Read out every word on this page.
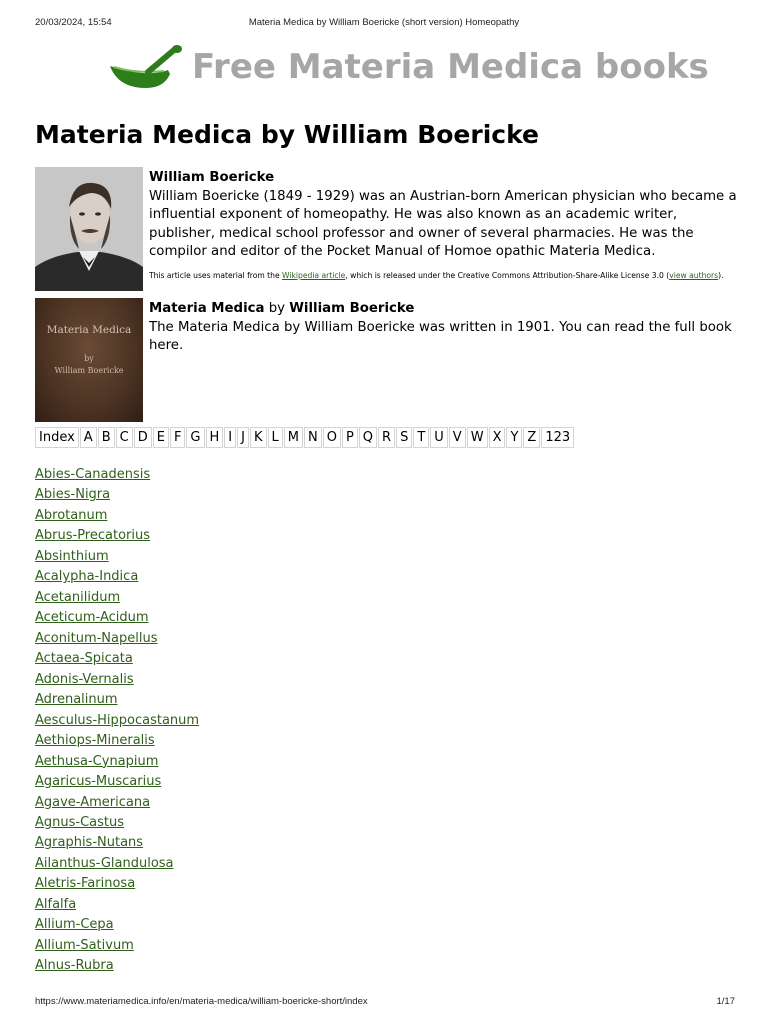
20/03/2024, 15:54	Materia Medica by William Boericke (short version) Homeopathy
Free Materia Medica books
Materia Medica by William Boericke
William Boericke
William Boericke (1849 - 1929) was an Austrian-born American physician who became a influential exponent of homeopathy. He was also known as an academic writer, publisher, medical school professor and owner of several pharmacies. He was the compilor and editor of the Pocket Manual of Homoe opathic Materia Medica.
This article uses material from the Wikipedia article, which is released under the Creative Commons Attribution-Share-Alike License 3.0 (view authors).
Materia Medica
by
William Boericke
Materia Medica by William Boericke
The Materia Medica by William Boericke was written in 1901. You can read the full book here.
Index A B C D E F G H I J K L M N O P Q R S T U V W X Y Z 123
Abies-Canadensis
Abies-Nigra
Abrotanum
Abrus-Precatorius
Absinthium
Acalypha-Indica
Acetanilidum
Aceticum-Acidum
Aconitum-Napellus
Actaea-Spicata
Adonis-Vernalis
Adrenalinum
Aesculus-Hippocastanum
Aethiops-Mineralis
Aethusa-Cynapium
Agaricus-Muscarius
Agave-Americana
Agnus-Castus
Agraphis-Nutans
Ailanthus-Glandulosa
Aletris-Farinosa
Alfalfa
Allium-Cepa
Allium-Sativum
Alnus-Rubra
https://www.materiamedica.info/en/materia-medica/william-boericke-short/index	1/17
